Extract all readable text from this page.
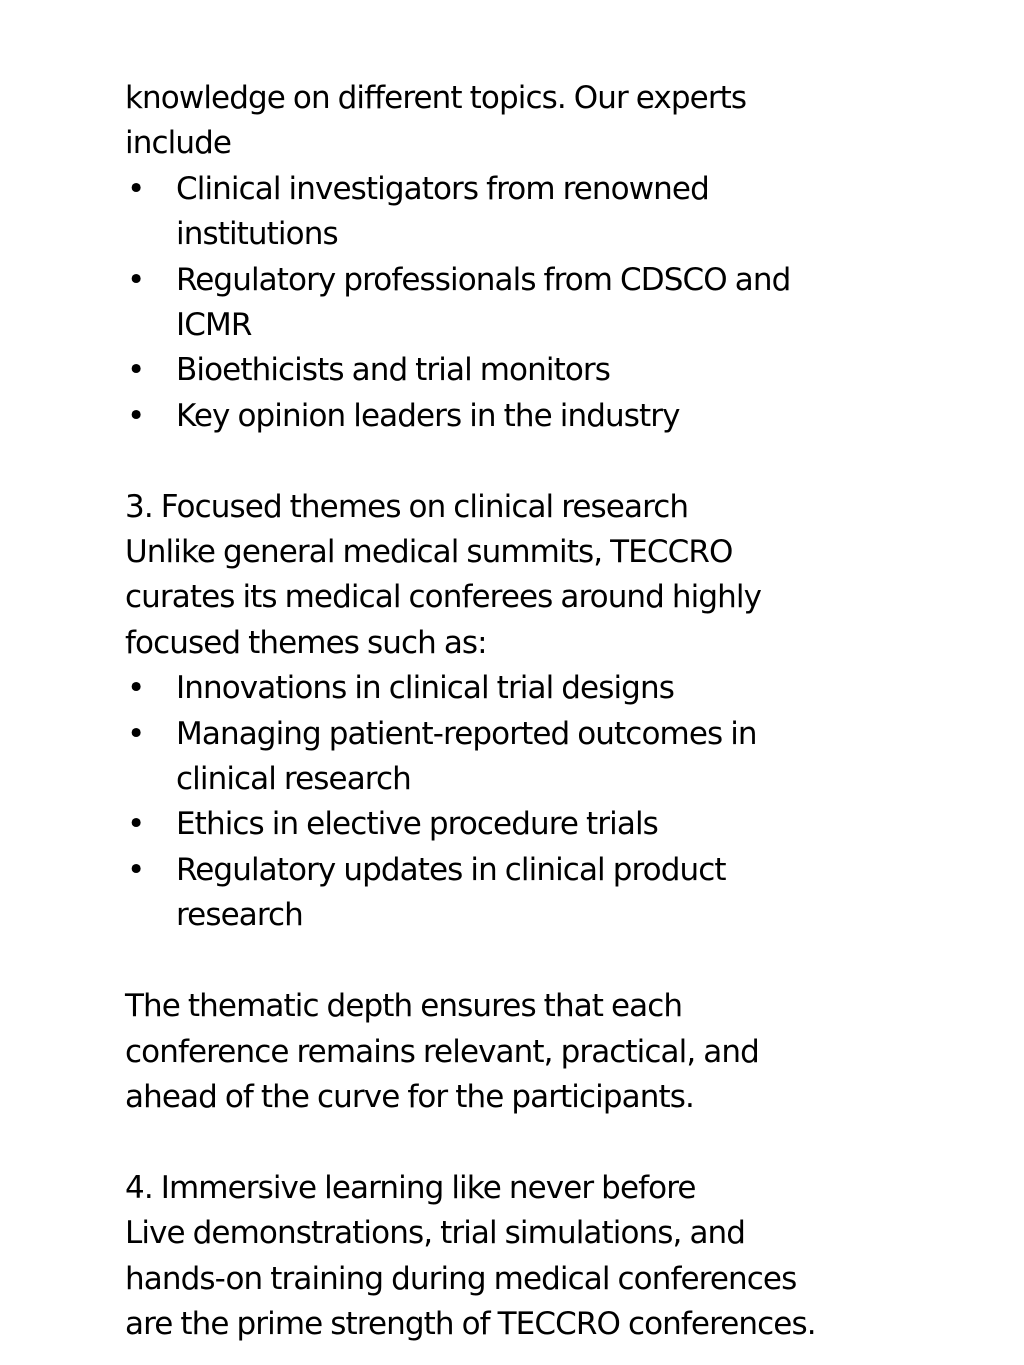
knowledge on different topics. Our experts
include
• Clinical investigators from renowned
institutions
• Regulatory professionals from CDSCO and
ICMR
• Bioethicists and trial monitors
• Key opinion leaders in the industry
3. Focused themes on clinical research
Unlike general medical summits, TECCRO
curates its medical conferees around highly
focused themes such as:
• Innovations in clinical trial designs
• Managing patient-reported outcomes in
clinical research
• Ethics in elective procedure trials
• Regulatory updates in clinical product
research
The thematic depth ensures that each
conference remains relevant, practical, and
ahead of the curve for the participants.
4. Immersive learning like never before
Live demonstrations, trial simulations, and
hands-on training during medical conferences
are the prime strength of TECCRO conferences.
